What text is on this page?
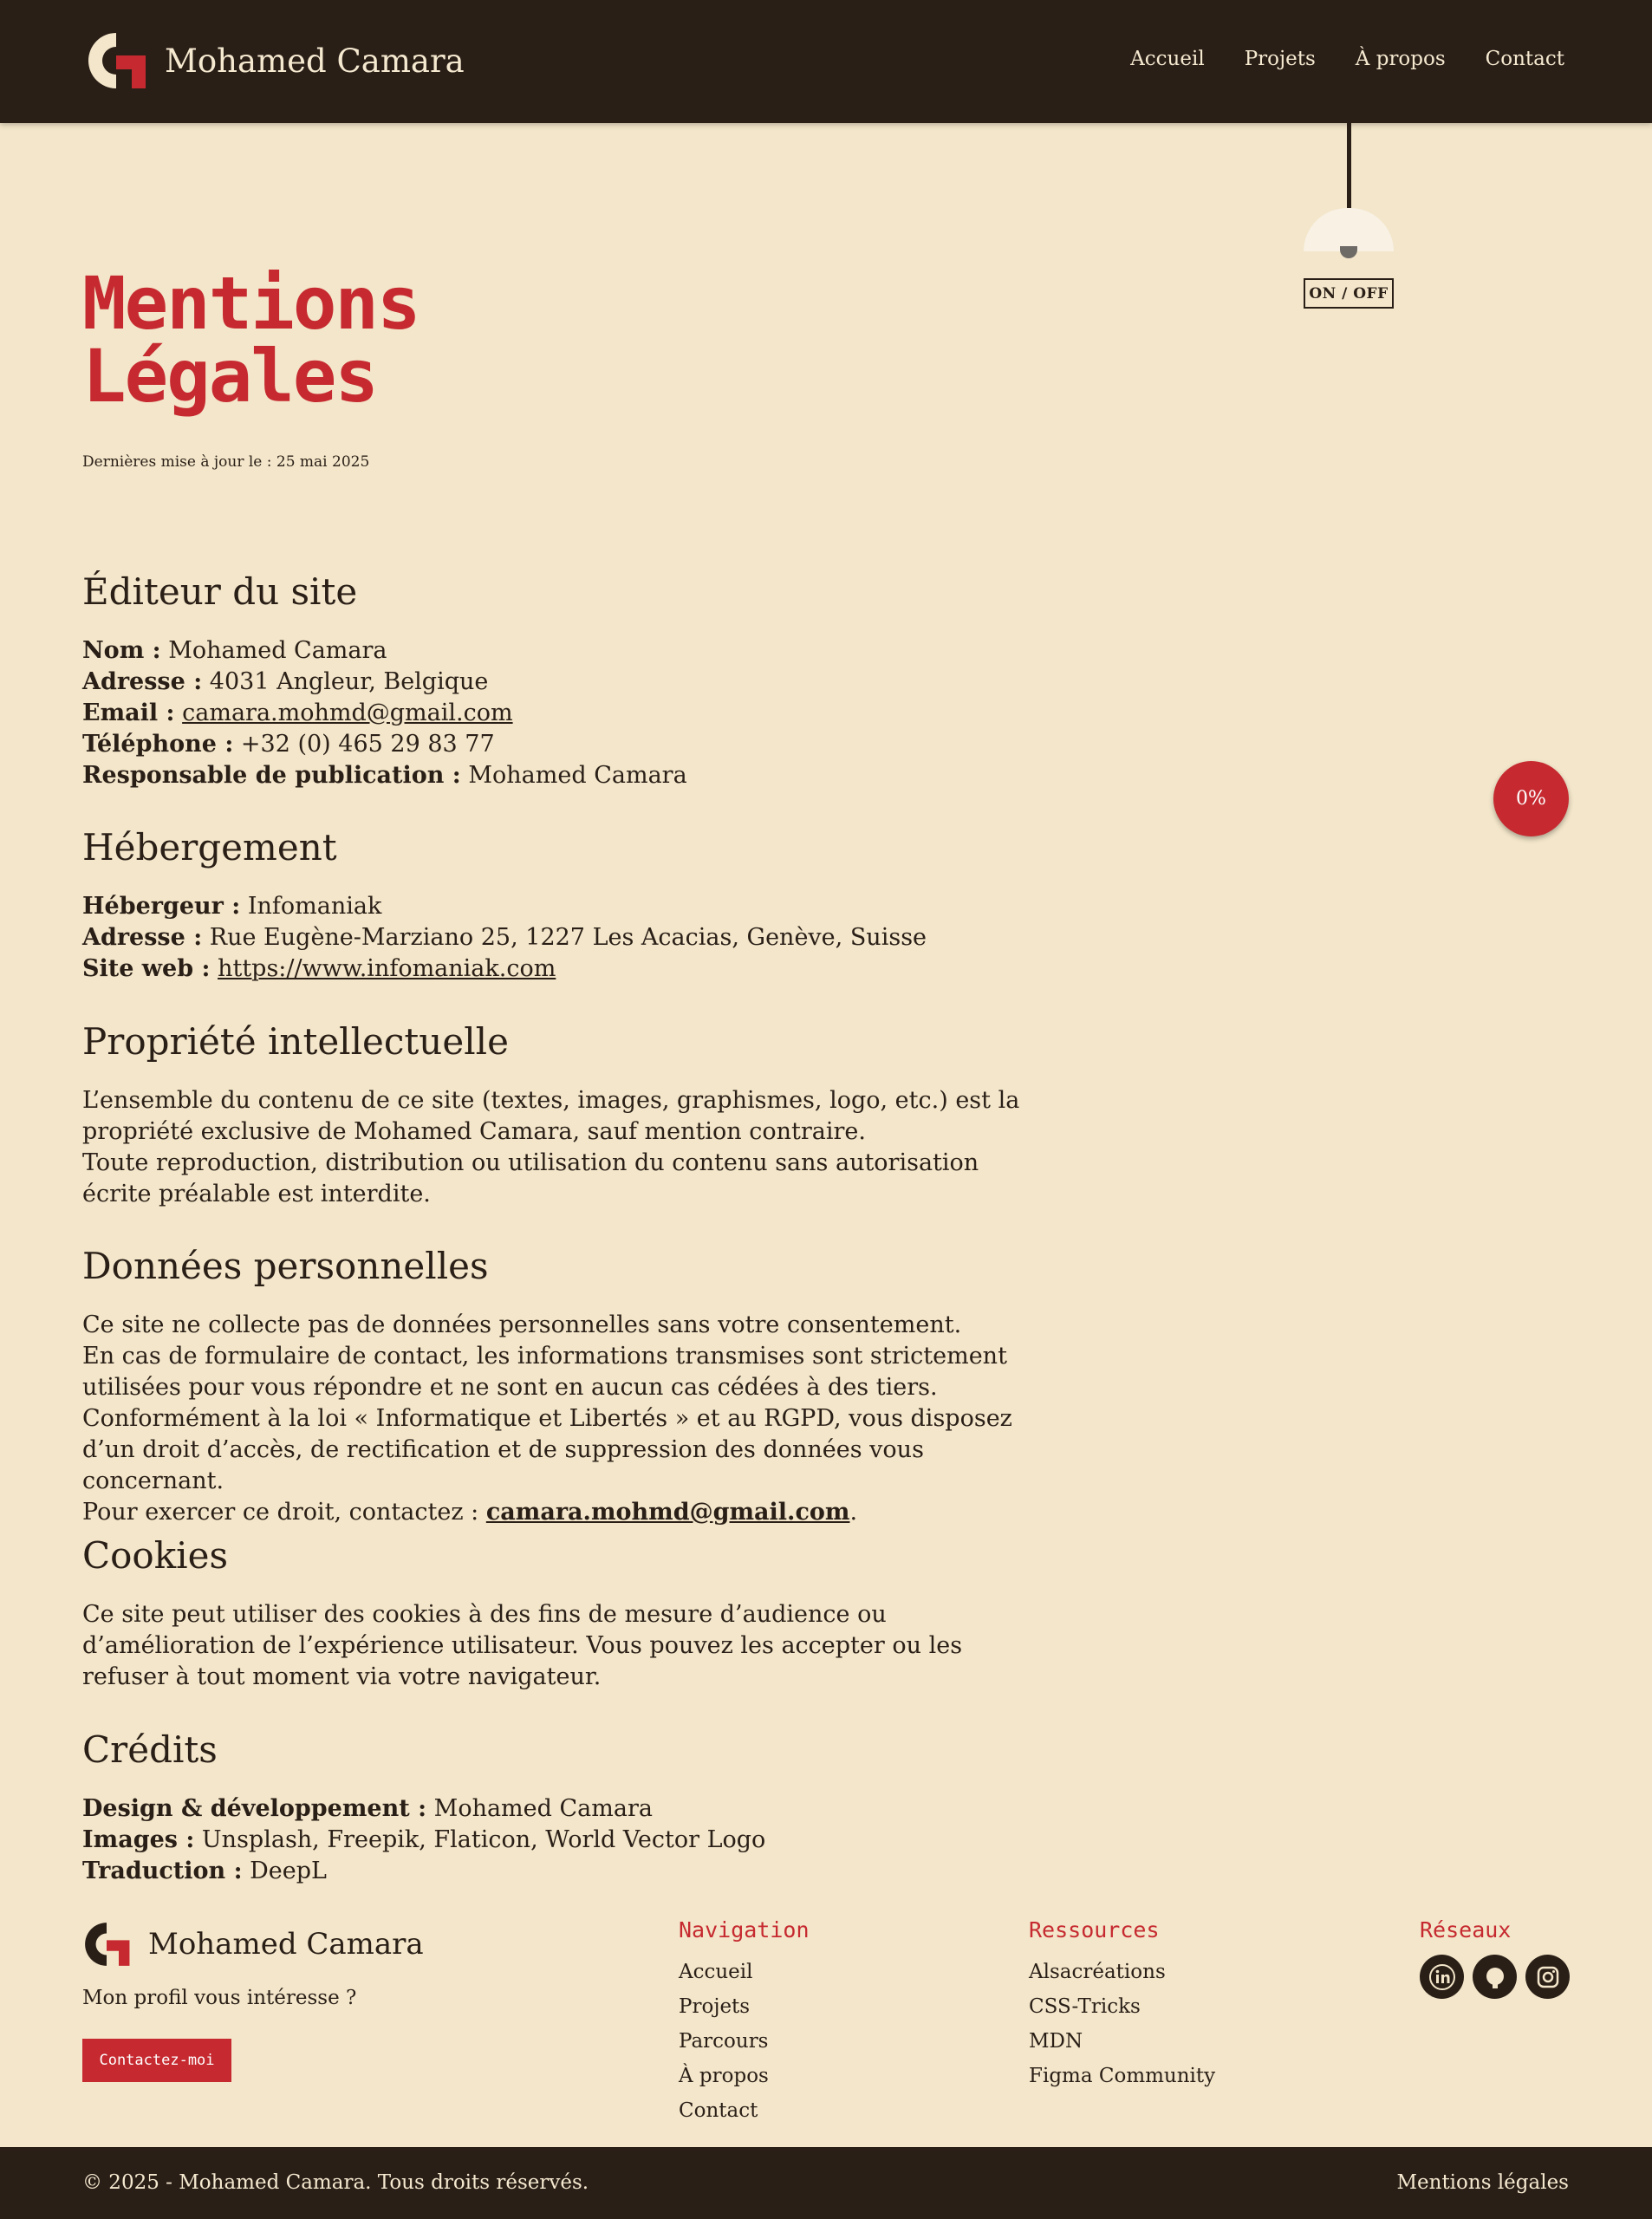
Mohamed Camara	Accueil Projets À propos Contact
ON / OFF
Mentions
Légales
Dernières mise à jour le : 25 mai 2025
Éditeur du site
Nom : Mohamed Camara
Adresse : 4031 Angleur, Belgique
Email : camara.mohmd@gmail.com
Téléphone : +32 (0) 465 29 83 77
Responsable de publication : Mohamed Camara
Hébergement
Hébergeur : Infomaniak
Adresse : Rue Eugène-Marziano 25, 1227 Les Acacias, Genève, Suisse
Site web : https://www.infomaniak.com
Propriété intellectuelle

L’ensemble du contenu de ce site (textes, images, graphismes, logo, etc.) est la propriété exclusive de Mohamed Camara, sauf mention contraire.

Toute reproduction, distribution ou utilisation du contenu sans autorisation écrite préalable est interdite.

Données personnelles

Ce site ne collecte pas de données personnelles sans votre consentement.

En cas de formulaire de contact, les informations transmises sont strictement utilisées pour vous répondre et ne sont en aucun cas cédées à des tiers.

Conformément à la loi « Informatique et Libertés » et au RGPD, vous disposez d’un droit d’accès, de rectification et de suppression des données vous concernant.

Pour exercer ce droit, contactez : camara.mohmd@gmail.com.

Cookies

Ce site peut utiliser des cookies à des fins de mesure d’audience ou d’amélioration de l’expérience utilisateur. Vous pouvez les accepter ou les refuser à tout moment via votre navigateur.

Crédits
Design & développement : Mohamed Camara
Images : Unsplash, Freepik, Flaticon, World Vector Logo
Traduction : DeepL
0%
Mohamed Camara
Mon profil vous intéresse ?
Contactez-moi
Navigation
Accueil
Projets
Parcours
À propos
Contact
Ressources
Alsacréations
CSS-Tricks
MDN
Figma Community
Réseaux
© 2025 - Mohamed Camara. Tous droits réservés.	Mentions légales
